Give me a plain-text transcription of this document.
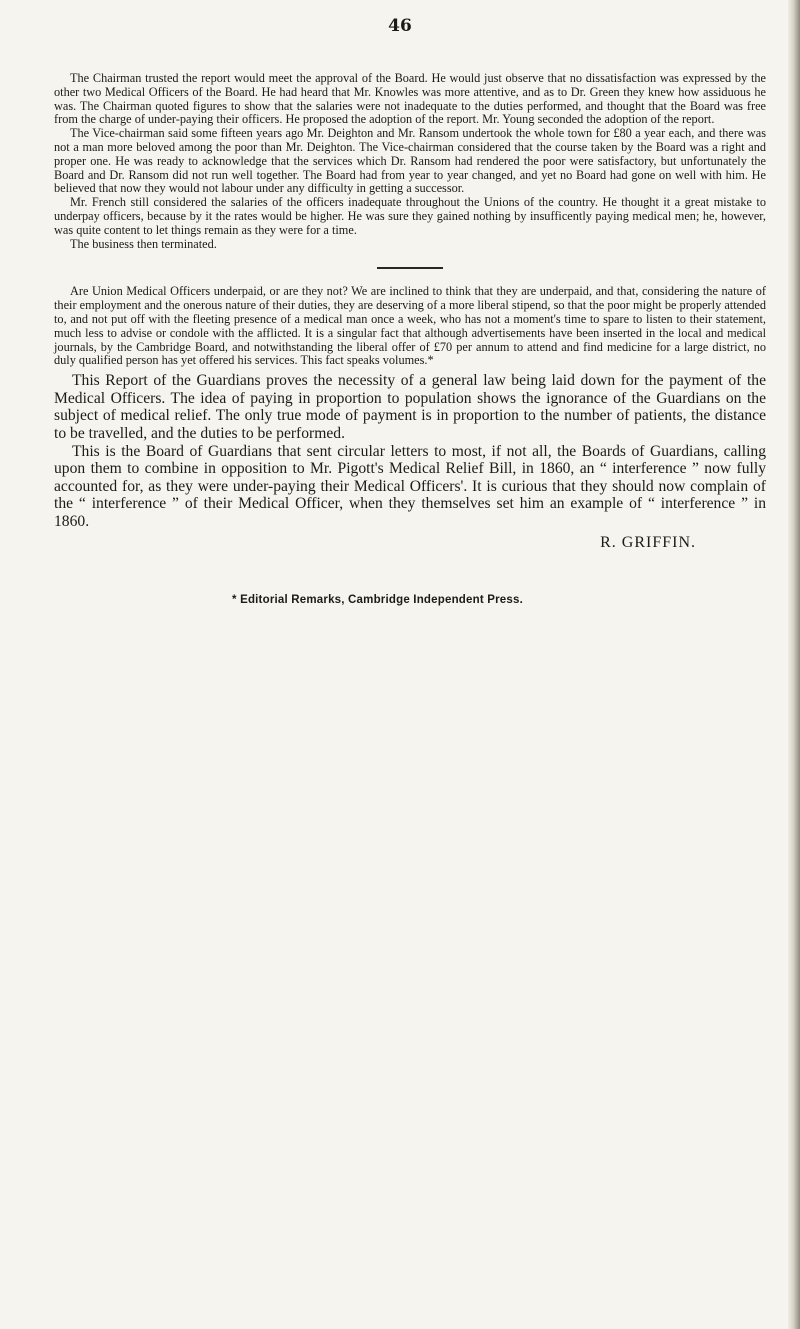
46

The Chairman trusted the report would meet the approval of the Board. He would just observe that no dissatisfaction was expressed by the other two Medical Officers of the Board. He had heard that Mr. Knowles was more attentive, and as to Dr. Green they knew how assiduous he was. The Chairman quoted figures to show that the salaries were not inadequate to the duties performed, and thought that the Board was free from the charge of under-paying their officers. He proposed the adoption of the report. Mr. Young seconded the adoption of the report.

The Vice-chairman said some fifteen years ago Mr. Deighton and Mr. Ransom undertook the whole town for £80 a year each, and there was not a man more beloved among the poor than Mr. Deighton. The Vice-chairman considered that the course taken by the Board was a right and proper one. He was ready to acknowledge that the services which Dr. Ransom had rendered the poor were satisfactory, but unfortunately the Board and Dr. Ransom did not run well together. The Board had from year to year changed, and yet no Board had gone on well with him. He believed that now they would not labour under any difficulty in getting a successor.

Mr. French still considered the salaries of the officers inadequate throughout the Unions of the country. He thought it a great mistake to underpay officers, because by it the rates would be higher. He was sure they gained nothing by insufficently paying medical men; he, however, was quite content to let things remain as they were for a time.

The business then terminated.

Are Union Medical Officers underpaid, or are they not? We are inclined to think that they are underpaid, and that, considering the nature of their employment and the onerous nature of their duties, they are deserving of a more liberal stipend, so that the poor might be properly attended to, and not put off with the fleeting presence of a medical man once a week, who has not a moment's time to spare to listen to their statement, much less to advise or condole with the afflicted. It is a singular fact that although advertisements have been inserted in the local and medical journals, by the Cambridge Board, and notwithstanding the liberal offer of £70 per annum to attend and find medicine for a large district, no duly qualified person has yet offered his services. This fact speaks volumes.*

This Report of the Guardians proves the necessity of a general law being laid down for the payment of the Medical Officers. The idea of paying in proportion to population shows the ignorance of the Guardians on the subject of medical relief. The only true mode of payment is in proportion to the number of patients, the distance to be travelled, and the duties to be performed.

This is the Board of Guardians that sent circular letters to most, if not all, the Boards of Guardians, calling upon them to combine in opposition to Mr. Pigott's Medical Relief Bill, in 1860, an “ interference ” now fully accounted for, as they were under-paying their Medical Officers'. It is curious that they should now complain of the “ interference ” of their Medical Officer, when they themselves set him an example of “ interference ” in 1860.

R. GRIFFIN.
* Editorial Remarks, Cambridge Independent Press.
